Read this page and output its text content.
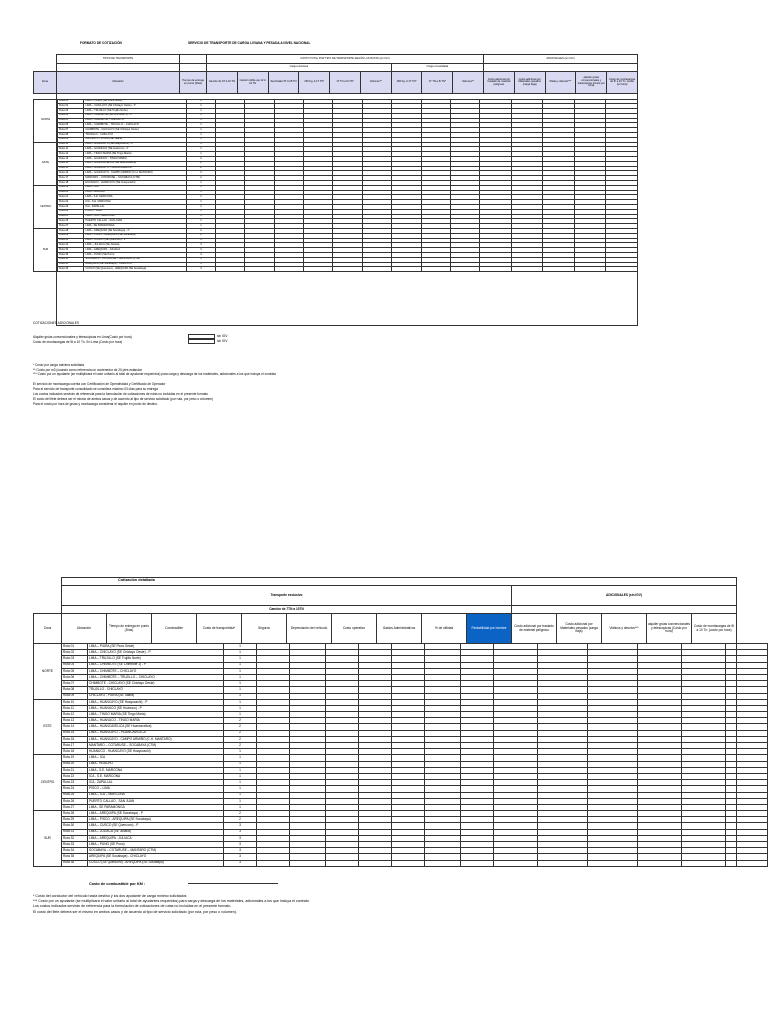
FORMATO DE COTIZACIÓN	SERVICIO DE TRANSPORTE DE CARGA LIVIANA Y PESADA A NIVEL NACIONAL
	TIPOS DE TRANSPORTE		COSTO TOTAL POR TIPO DE TRANSPORTE SEGÚN LAS RUTAS (sin IGV)									ADICIONALES (sin IGV)				
			Carga exclusiva						Carga consolidada							
Zona	Ubicación	Tiempo de entrega en punto (Días)	Camión de 6T A 10 TN	Camión doble eje 12 A 16 TN	Semitrailer 6T A 28 TN	150 Kg. A 1T TN*	1T TN a 5t TN*	Volumen**	150 Kg. A 1T TN*	1T TN a 5t TN*	Volumen**	Costo adicional por traslado de material peligroso	Costo adicional por Materiales pesados (carga baja)	Pistas y desvíos***	alquiler grúas convencionales y telescópicas (Costo por hora)	Costo de montacargas de 5t a 10 Tn. (costo por hora)
NORTE	Ruta 01	LIMA – PIURA (SE Piura Oeste)	1														
	Ruta 02	LIMA – CHICLAYO (SE Chiclayo Oeste) - P	1														
	Ruta 03	LIMA – TRUJILLO (SE Trujillo Norte)	1														
	Ruta 04	LIMA – CHIMBOTE (SE Chimbote 1) - P	1														
	Ruta 05	LIMA – CHIMBOTE – CHICLAYO	1														
	Ruta 06	LIMA – CHIMBOTE – TRUJILLO – CHICLAYO	1														
	Ruta 07	CHIMBOTE - CHICLAYO (SE Chiclayo Oeste)	1														
	Ruta 08	TRUJILLO - CHICLAYO	1														
	Ruta 09	CHICLAYO - PIURA (SE Talara)	1														
ESTE	Ruta 10	LIMA – HUANCAYO (SE Huayucachi) - P	1														
	Ruta 11	LIMA – HUANUCO (SE Huánuco) - P	1														
	Ruta 12	LIMA – TINGO MARIA (SE Tingo María)	1														
	Ruta 13	LIMA – HUANUCO - TINGO MARIA	2														
	Ruta 14	LIMA – HUANCAVELICA (SE Huancavelica)	2														
	Ruta 15	LIMA – HUANCAYO – HUANCAVELICA	2														
	Ruta 16	LIMA – HUANCAYO - CAMPO ARMIÑO (C.H. MANTARO)	2														
	Ruta 17	MANTARO – COTARUSE – SOCABAYA (CTM)	2														
	Ruta 18	HUANUCO - HUANCAYO (SE Huayucachi)	1														
CENTRO	Ruta 19	LIMA – ICA	1														
	Ruta 20	LIMA - HUACHO	1														
	Ruta 21	LIMA - S.E. MARCONA	1														
	Ruta 22	ICA - S.E. MARCONA	1														
	Ruta 23	ICA - ZAPALLAL	1														
	Ruta 24	PISCO - LIMA	1														
	Ruta 25	LIMA – ICA – MARCONA	1														
	Ruta 26	PUERTO CALLAO - SAN JUAN	1														
	Ruta 27	LIMA - SE PARAMONGA	1														
SUR	Ruta 28	LIMA – AREQUIPA (SE Socabaya) - P	2														
	Ruta 29	LIMA – PISCO - AREQUIPA (SE Socabaya)	2														
	Ruta 30	LIMA – CUSCO (SE Quencoro) - P	3														
	Ruta 31	LIMA – JULIACA (SE Juliaca)	3														
	Ruta 32	LIMA – AREQUIPA - JULIACA	3														
	Ruta 33	LIMA – PUNO (SE Puno)	3														
	Ruta 34	SOCABAYA – COTARUSE – MANTARO (CTM)	3														
	Ruta 35	AREQUIPA (SE Socabaya) - CHICLAYO	3														
	Ruta 36	CUSCO (SE Quencoro) - AREQUIPA (SE Socabaya)	3														
COTIZACIONES ADICIONALES
Alquiler grúas convencionales y telescópicas en Lima(Costo por hora)
Costo de montacargas de 5t a 10 Tn. En Lima (Costo por hora)
sin IGV
sin IGV
* Costo por carga máxima solicitada
** Costo por m3 (cuando como referencia un contenedor de 20 pies estándar
*** Costo por un ayudante (se multiplicará el valor unitario al total de ayudante requeridos) para carga y descarga de los materiales, adicionales a los que incluya el contrato
El servicio de montacarga cuenta con Certificación de Operatividad y Certificado de Operador
Para el servicio de transporte consolidado se considera máximo 03 días para su entrega
Los costos indicados servirán de referencia para la formulación de cotizaciones de rutas no incluidas en el presente formato
El costo del flete deberá ser el mismo de ambos casos y de acuerdo al tipo de servicio solicitado (por ruta, por peso o volumen)
Para el costo por hora de grúas y montacarga considerar el alquiler en punto de destino.
Cotización detallada
	Transporte exclusivo										ADICIONALES (sin IGV)				
	Camión de 7TN a 10TN														
Zona	Ubicación	Tiempo de entrega en punto (Días)	Combustible	Costo de transportista*	Seguros	Depreciación del vehículo	Costo operativo	Gastos Administrativos	% de utilidad	Rentabilidad por hombre	Costo adicional por traslado de material peligroso	Costo adicional por Materiales pesados (carga baja)	Viáticos y desvíos***	alquiler grúas convencionales y telescópicas (Costo por hora)	Costo de montacargas de 5t a 10 Tn. (costo por hora)
NORTE	Ruta 01	LIMA – PIURA (SE Piura Oeste)	1													
	Ruta 02	LIMA – CHICLAYO (SE Chiclayo Oeste) - P	1													
	Ruta 03	LIMA – TRUJILLO (SE Trujillo Norte)	1													
	Ruta 04	LIMA – CHIMBOTE (SE Chimbote 1) - P	1													
	Ruta 05	LIMA – CHIMBOTE – CHICLAYO	1													
	Ruta 06	LIMA – CHIMBOTE – TRUJILLO – CHICLAYO	1													
	Ruta 07	CHIMBOTE - CHICLAYO (SE Chiclayo Oeste)	1													
	Ruta 08	TRUJILLO - CHICLAYO	1													
	Ruta 09	CHICLAYO - PIURA (SE Talara)	1													
ESTE	Ruta 10	LIMA – HUANCAYO (SE Huayucachi) - P	1													
	Ruta 11	LIMA – HUANUCO (SE Huánuco) - P	1													
	Ruta 12	LIMA – TINGO MARIA (SE Tingo María)	1													
	Ruta 13	LIMA – HUANUCO - TINGO MARIA	2													
	Ruta 14	LIMA – HUANCAVELICA (SE Huancavelica)	2													
	Ruta 15	LIMA – HUANCAYO – HUANCAVELICA	2													
	Ruta 16	LIMA – HUANCAYO - CAMPO ARMIÑO (C.H. MANTARO)	2													
	Ruta 17	MANTARO – COTARUSE – SOCABAYA (CTM)	2													
	Ruta 18	HUANUCO - HUANCAYO (SE Huayucachi)	1													
CENTRO	Ruta 19	LIMA – ICA	1													
	Ruta 20	LIMA - HUACHO	1													
	Ruta 21	LIMA - S.E. MARCONA	1													
	Ruta 22	ICA - S.E. MARCONA	1													
	Ruta 23	ICA - ZAPALLAL	1													
	Ruta 24	PISCO – LIMA	1													
	Ruta 25	LIMA – ICA – MARCONA	1													
	Ruta 26	PUERTO CALLAO - SAN JUAN	1													
	Ruta 27	LIMA - SE PARAMONGA	1													
SUR	Ruta 28	LIMA – AREQUIPA (SE Socabaya) - P	2													
	Ruta 29	LIMA – PISCO - AREQUIPA (SE Socabaya)	2													
	Ruta 30	LIMA – CUSCO (SE Quencoro) - P	3													
	Ruta 31	LIMA – JULIACA (SE Juliaca)	3													
	Ruta 32	LIMA – AREQUIPA - JULIACA	3													
	Ruta 33	LIMA – PUNO (SE Puno)	3													
	Ruta 34	SOCABAYA – COTARUSE – MANTARO (CTM)	3													
	Ruta 35	AREQUIPA (SE Socabaya) - CHICLAYO	3													
	Ruta 36	CUSCO (SE Quencoro) - AREQUIPA (SE Socabaya)	3													
Costo de combustible por KM :
* Costo del conductor del vehículo hasta destino y los dos ayudante de carga mínimo solicitados
*** Costo por un ayudante (se multiplicará el valor unitario al total de ayudantes requeridos) para carga y descarga de los materiales, adicionales a los que incluya el contrato
Los costos indicados servirán de referencia para la formulación de cotizaciones de rutas no incluidas en el presente formato
El costo del flete deberá ser el mismo en ambos casos y de acuerdo al tipo de servicio solicitado (por ruta, por peso o volumen).
